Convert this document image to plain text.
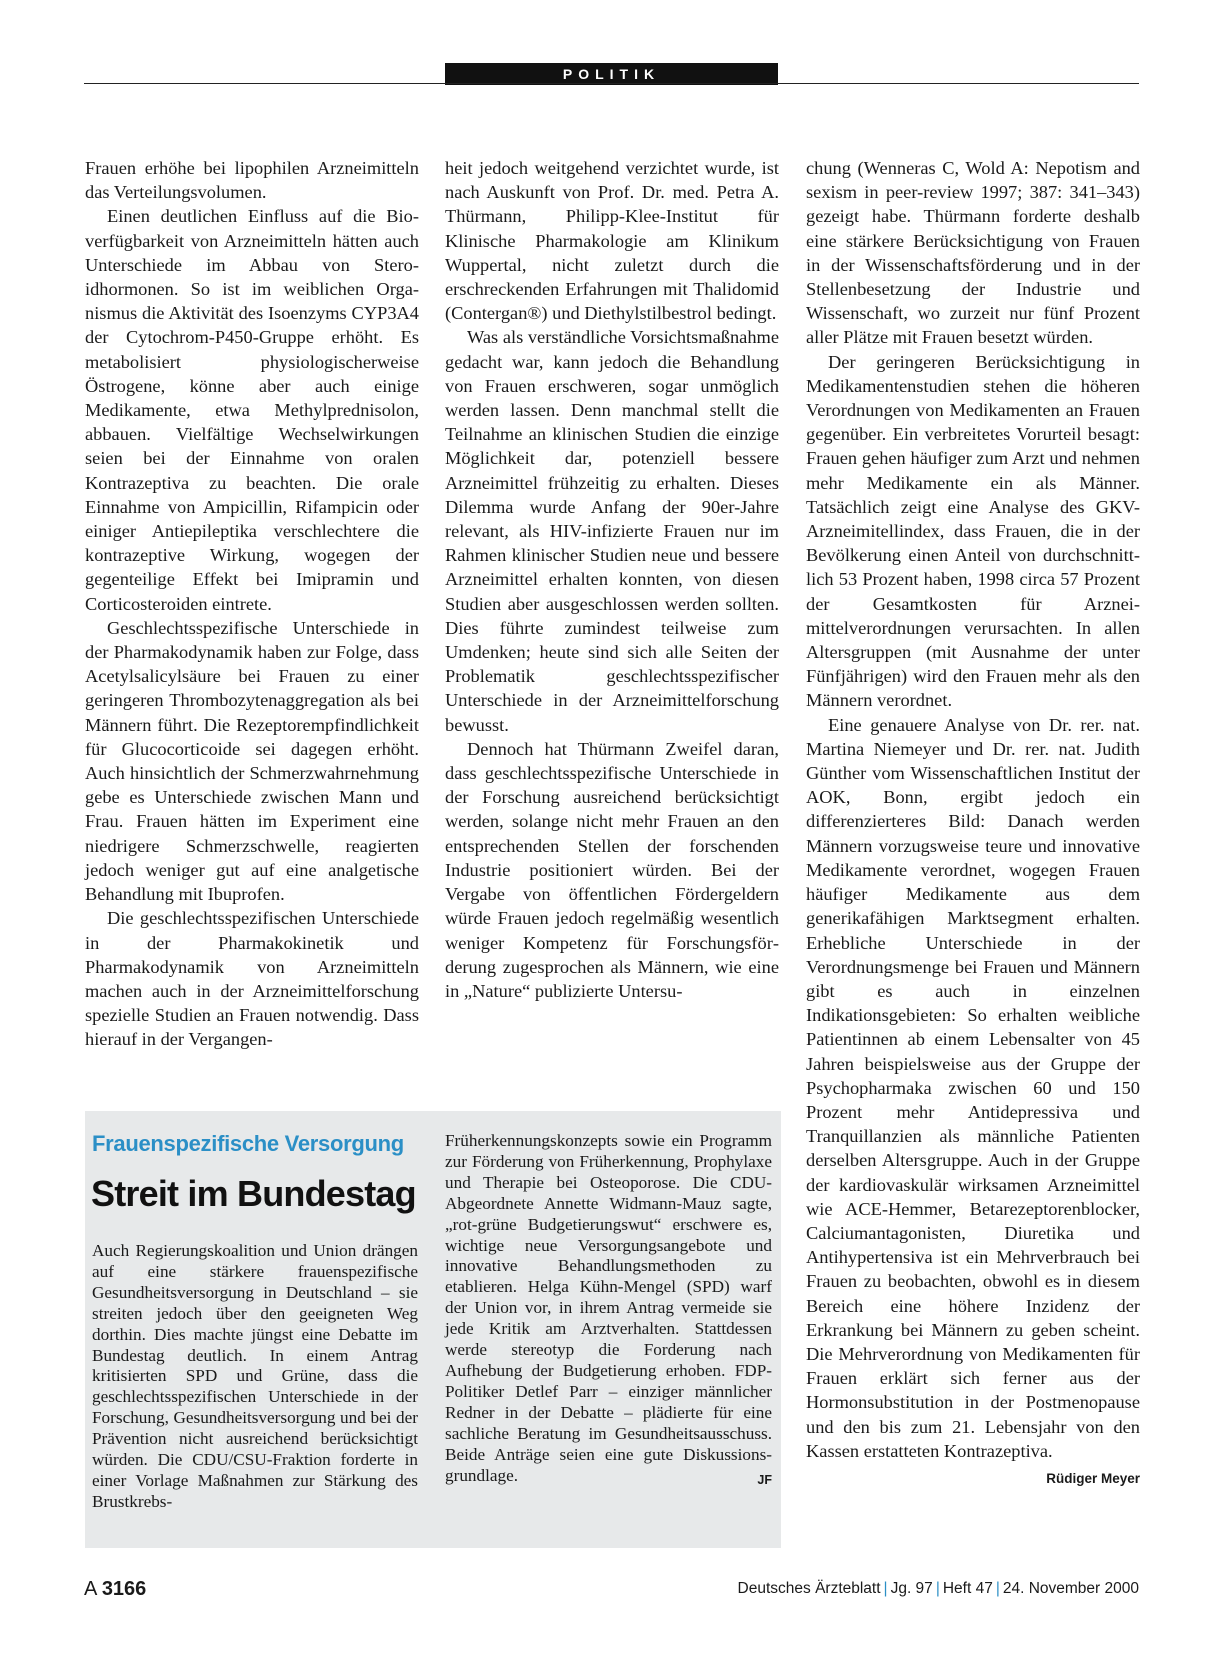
POLITIK

Frauen erhöhe bei lipophilen Arzneimitteln das Verteilungsvolumen.

Einen deutlichen Einfluss auf die Bioverfügbarkeit von Arzneimitteln hätten auch Unterschiede im Abbau von Steroidhormonen. So ist im weiblichen Organismus die Aktivität des Isoenzyms CYP3A4 der Cytochrom-P450-Gruppe erhöht. Es metabolisiert physiologischerweise Östrogene, könne aber auch einige Medikamente, etwa Methylprednisolon, abbauen. Vielfältige Wechselwirkungen seien bei der Einnahme von oralen Kontrazeptiva zu beachten. Die orale Einnahme von Ampicillin, Rifampicin oder einiger Antiepileptika verschlechtere die kontrazeptive Wirkung, wogegen der gegenteilige Effekt bei Imipramin und Corticosteroiden eintrete.

Geschlechtsspezifische Unterschiede in der Pharmakodynamik haben zur Folge, dass Acetylsalicylsäure bei Frauen zu einer geringeren Thrombozytenaggregation als bei Männern führt. Die Rezeptorempfindlichkeit für Glucocorticoide sei dagegen erhöht. Auch hinsichtlich der Schmerzwahrnehmung gebe es Unterschiede zwischen Mann und Frau. Frauen hätten im Experiment eine niedrigere Schmerzschwelle, reagierten jedoch weniger gut auf eine analgetische Behandlung mit Ibuprofen.

Die geschlechtsspezifischen Unterschiede in der Pharmakokinetik und Pharmakodynamik von Arzneimitteln machen auch in der Arzneimittelforschung spezielle Studien an Frauen notwendig. Dass hierauf in der Vergangen-

heit jedoch weitgehend verzichtet wurde, ist nach Auskunft von Prof. Dr. med. Petra A. Thürmann, Philipp-Klee-Institut für Klinische Pharmakologie am Klinikum Wuppertal, nicht zuletzt durch die erschreckenden Erfahrungen mit Thalidomid (Contergan®) und Diethylstilbestrol bedingt.

Was als verständliche Vorsichtsmaßnahme gedacht war, kann jedoch die Behandlung von Frauen erschweren, sogar unmöglich werden lassen. Denn manchmal stellt die Teilnahme an klinischen Studien die einzige Möglichkeit dar, potenziell bessere Arzneimittel frühzeitig zu erhalten. Dieses Dilemma wurde Anfang der 90er-Jahre relevant, als HIV-infizierte Frauen nur im Rahmen klinischer Studien neue und bessere Arzneimittel erhalten konnten, von diesen Studien aber ausgeschlossen werden sollten. Dies führte zumindest teilweise zum Umdenken; heute sind sich alle Seiten der Problematik geschlechtsspezifischer Unterschiede in der Arzneimittelforschung bewusst.

Dennoch hat Thürmann Zweifel daran, dass geschlechtsspezifische Unterschiede in der Forschung ausreichend berücksichtigt werden, solange nicht mehr Frauen an den entsprechenden Stellen der forschenden Industrie positioniert würden. Bei der Vergabe von öffentlichen Fördergeldern würde Frauen jedoch regelmäßig wesentlich weniger Kompetenz für Forschungsförderung zugesprochen als Männern, wie eine in „Nature“ publizierte Untersu-

chung (Wenneras C, Wold A: Nepotism and sexism in peer-review 1997; 387: 341–343) gezeigt habe. Thürmann forderte deshalb eine stärkere Berücksichtigung von Frauen in der Wissenschaftsförderung und in der Stellenbesetzung der Industrie und Wissenschaft, wo zurzeit nur fünf Prozent aller Plätze mit Frauen besetzt würden.

Der geringeren Berücksichtigung in Medikamentenstudien stehen die höheren Verordnungen von Medikamenten an Frauen gegenüber. Ein verbreitetes Vorurteil besagt: Frauen gehen häufiger zum Arzt und nehmen mehr Medikamente ein als Männer. Tatsächlich zeigt eine Analyse des GKV-Arzneimitellindex, dass Frauen, die in der Bevölkerung einen Anteil von durchschnittlich 53 Prozent haben, 1998 circa 57 Prozent der Gesamtkosten für Arzneimittelverordnungen verursachten. In allen Altersgruppen (mit Ausnahme der unter Fünfjährigen) wird den Frauen mehr als den Männern verordnet.

Eine genauere Analyse von Dr. rer. nat. Martina Niemeyer und Dr. rer. nat. Judith Günther vom Wissenschaftlichen Institut der AOK, Bonn, ergibt jedoch ein differenzierteres Bild: Danach werden Männern vorzugsweise teure und innovative Medikamente verordnet, wogegen Frauen häufiger Medikamente aus dem generikafähigen Marktsegment erhalten. Erhebliche Unterschiede in der Verordnungsmenge bei Frauen und Männern gibt es auch in einzelnen Indikationsgebieten: So erhalten weibliche Patientinnen ab einem Lebensalter von 45 Jahren beispielsweise aus der Gruppe der Psychopharmaka zwischen 60 und 150 Prozent mehr Antidepressiva und Tranquillanzien als männliche Patienten derselben Altersgruppe. Auch in der Gruppe der kardiovaskulär wirksamen Arzneimittel wie ACE-Hemmer, Betarezeptorenblocker, Calciumantagonisten, Diuretika und Antihypertensiva ist ein Mehrverbrauch bei Frauen zu beobachten, obwohl es in diesem Bereich eine höhere Inzidenz der Erkrankung bei Männern zu geben scheint. Die Mehrverordnung von Medikamenten für Frauen erklärt sich ferner aus der Hormonsubstitution in der Postmenopause und den bis zum 21. Lebensjahr von den Kassen erstatteten Kontrazeptiva.
Rüdiger Meyer

Frauenspezifische Versorgung
Streit im Bundestag
Auch Regierungskoalition und Union drängen auf eine stärkere frauenspezifische Gesundheitsversorgung in Deutschland – sie streiten jedoch über den geeigneten Weg dorthin. Dies machte jüngst eine Debatte im Bundestag deutlich. In einem Antrag kritisierten SPD und Grüne, dass die geschlechtsspezifischen Unterschiede in der Forschung, Gesundheitsversorgung und bei der Prävention nicht ausreichend berücksichtigt würden. Die CDU/CSU-Fraktion forderte in einer Vorlage Maßnahmen zur Stärkung des Brustkrebs-
Früherkennungskonzepts sowie ein Programm zur Förderung von Früherkennung, Prophylaxe und Therapie bei Osteoporose. Die CDU-Abgeordnete Annette Widmann-Mauz sagte, „rot-grüne Budgetierungswut“ erschwere es, wichtige neue Versorgungsangebote und innovative Behandlungsmethoden zu etablieren. Helga Kühn-Mengel (SPD) warf der Union vor, in ihrem Antrag vermeide sie jede Kritik am Arztverhalten. Stattdessen werde stereotyp die Forderung nach Aufhebung der Budgetierung erhoben. FDP-Politiker Detlef Parr – einziger männlicher Redner in der Debatte – plädierte für eine sachliche Beratung im Gesundheitsausschuss. Beide Anträge seien eine gute Diskussionsgrundlage.	JF
A 3166	Deutsches Ärzteblatt | Jg. 97 | Heft 47 | 24. November 2000
